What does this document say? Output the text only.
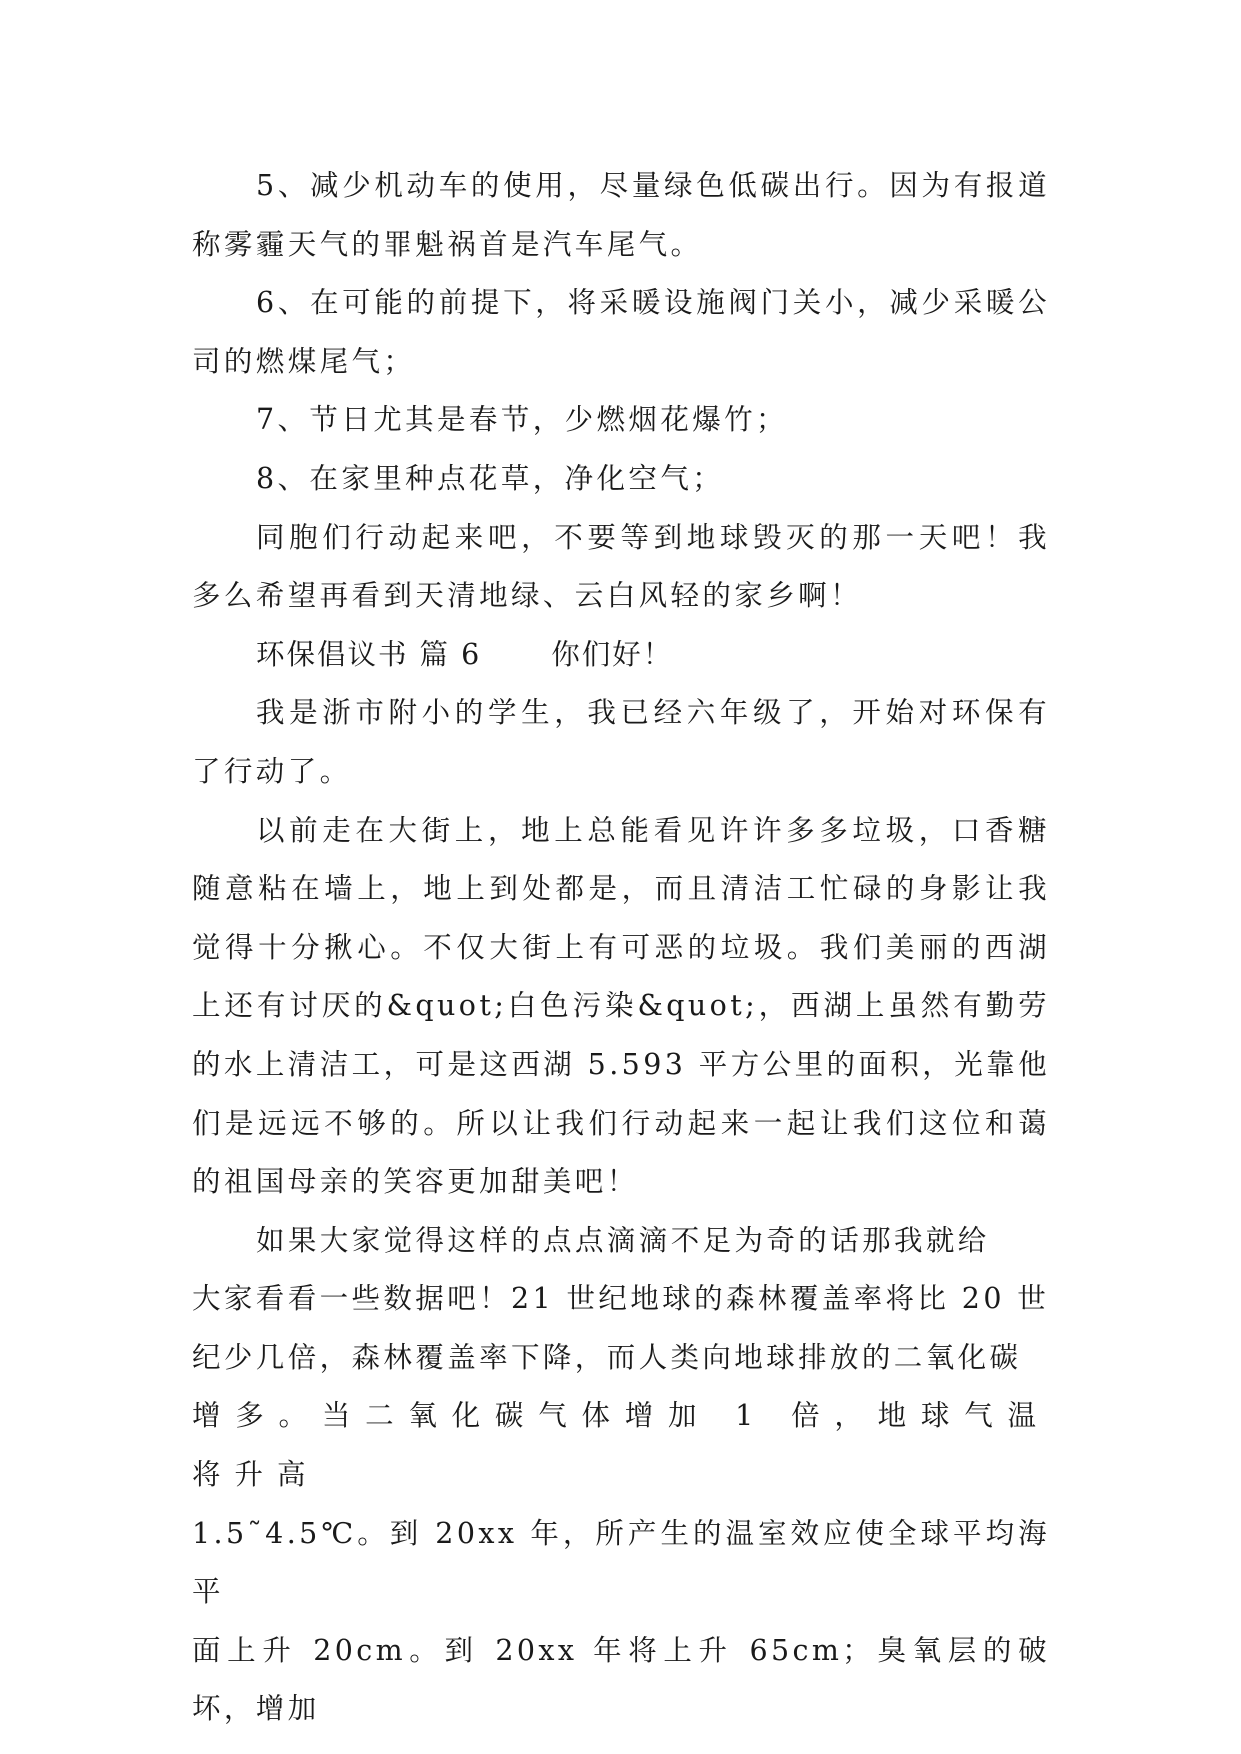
5、减少机动车的使用，尽量绿色低碳出行。因为有报道称雾霾天气的罪魁祸首是汽车尾气。

6、在可能的前提下，将采暖设施阀门关小，减少采暖公司的燃煤尾气；

7、节日尤其是春节，少燃烟花爆竹；

8、在家里种点花草，净化空气；

同胞们行动起来吧，不要等到地球毁灭的那一天吧！我多么希望再看到天清地绿、云白风轻的家乡啊！

环保倡议书 篇 6 你们好！

我是浙市附小的学生，我已经六年级了，开始对环保有了行动了。

以前走在大街上，地上总能看见许许多多垃圾，口香糖随意粘在墙上，地上到处都是，而且清洁工忙碌的身影让我觉得十分揪心。不仅大街上有可恶的垃圾。我们美丽的西湖上还有讨厌的&quot;白色污染&quot;，西湖上虽然有勤劳的水上清洁工，可是这西湖 5.593 平方公里的面积，光靠他们是远远不够的。所以让我们行动起来一起让我们这位和蔼的祖国母亲的笑容更加甜美吧！

如果大家觉得这样的点点滴滴不足为奇的话那我就给

大家看看一些数据吧！21 世纪地球的森林覆盖率将比 20 世

纪少几倍，森林覆盖率下降，而人类向地球排放的二氧化碳

增多。当二氧化碳气体增加 1 倍，地球气温将升高

1.5˜4.5℃。到 20xx 年，所产生的温室效应使全球平均海平

面上升 20cm。到 20xx 年将上升 65cm；臭氧层的破坏，增加
